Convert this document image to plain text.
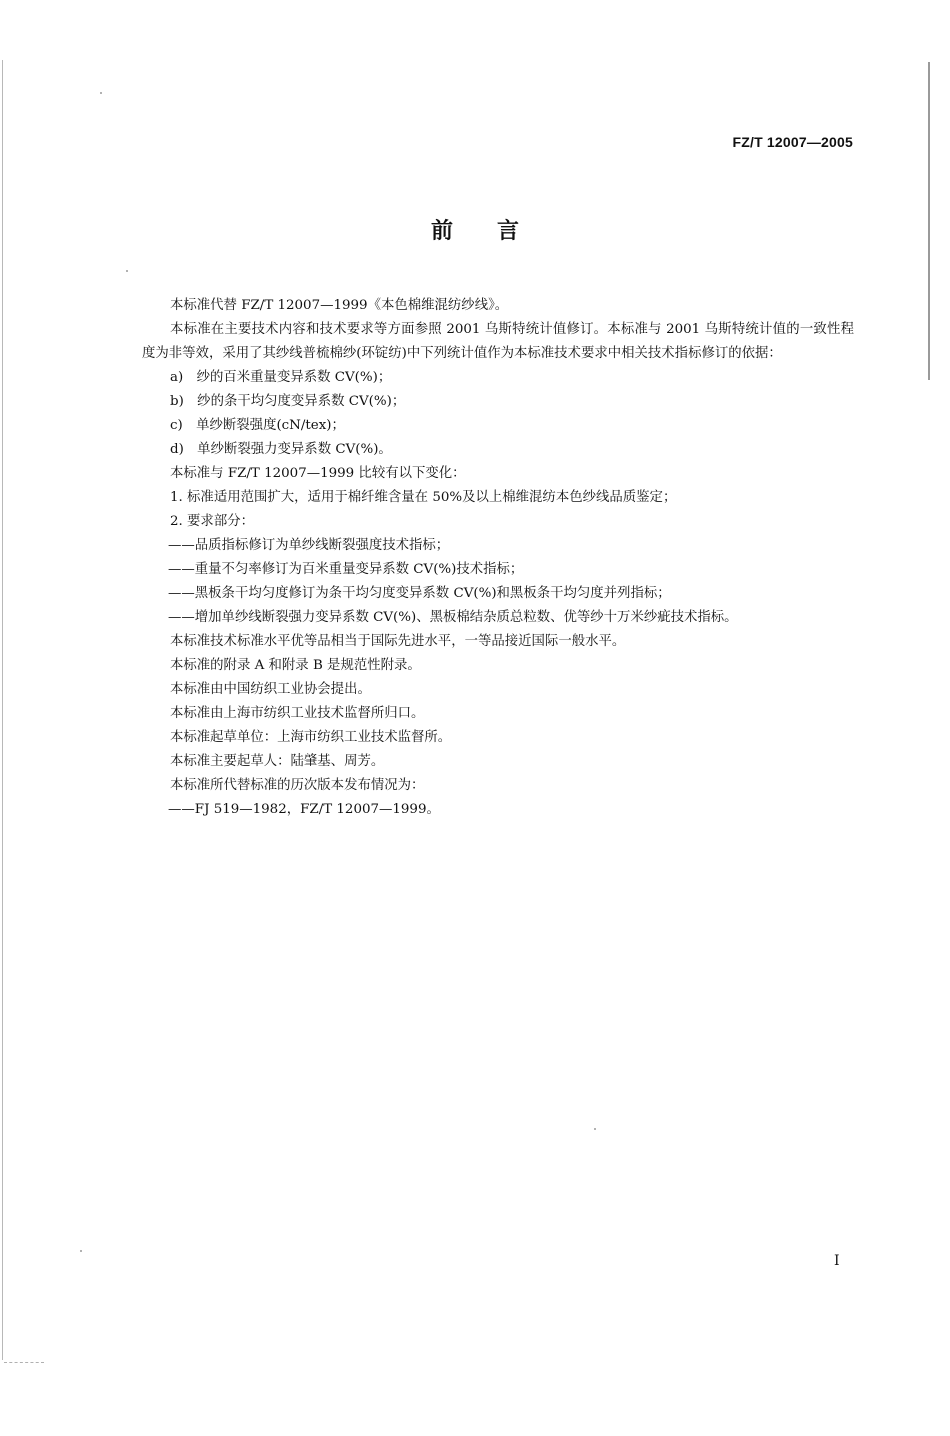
FZ/T 12007—2005
前 言

本标准代替 FZ/T 12007—1999《本色棉维混纺纱线》。

本标准在主要技术内容和技术要求等方面参照 2001 乌斯特统计值修订。本标准与 2001 乌斯特统计值的一致性程度为非等效，采用了其纱线普梳棉纱(环锭纺)中下列统计值作为本标准技术要求中相关技术指标修订的依据：

a)　纱的百米重量变异系数 CV(%)；

b)　纱的条干均匀度变异系数 CV(%)；

c)　单纱断裂强度(cN/tex)；

d)　单纱断裂强力变异系数 CV(%)。

本标准与 FZ/T 12007—1999 比较有以下变化：

1. 标准适用范围扩大，适用于棉纤维含量在 50%及以上棉维混纺本色纱线品质鉴定；

2. 要求部分：

——品质指标修订为单纱线断裂强度技术指标；

——重量不匀率修订为百米重量变异系数 CV(%)技术指标；

——黑板条干均匀度修订为条干均匀度变异系数 CV(%)和黑板条干均匀度并列指标；

——增加单纱线断裂强力变异系数 CV(%)、黑板棉结杂质总粒数、优等纱十万米纱疵技术指标。

本标准技术标准水平优等品相当于国际先进水平，一等品接近国际一般水平。

本标准的附录 A 和附录 B 是规范性附录。

本标准由中国纺织工业协会提出。

本标准由上海市纺织工业技术监督所归口。

本标准起草单位：上海市纺织工业技术监督所。

本标准主要起草人：陆肇基、周芳。

本标准所代替标准的历次版本发布情况为：

——FJ 519—1982，FZ/T 12007—1999。

I
